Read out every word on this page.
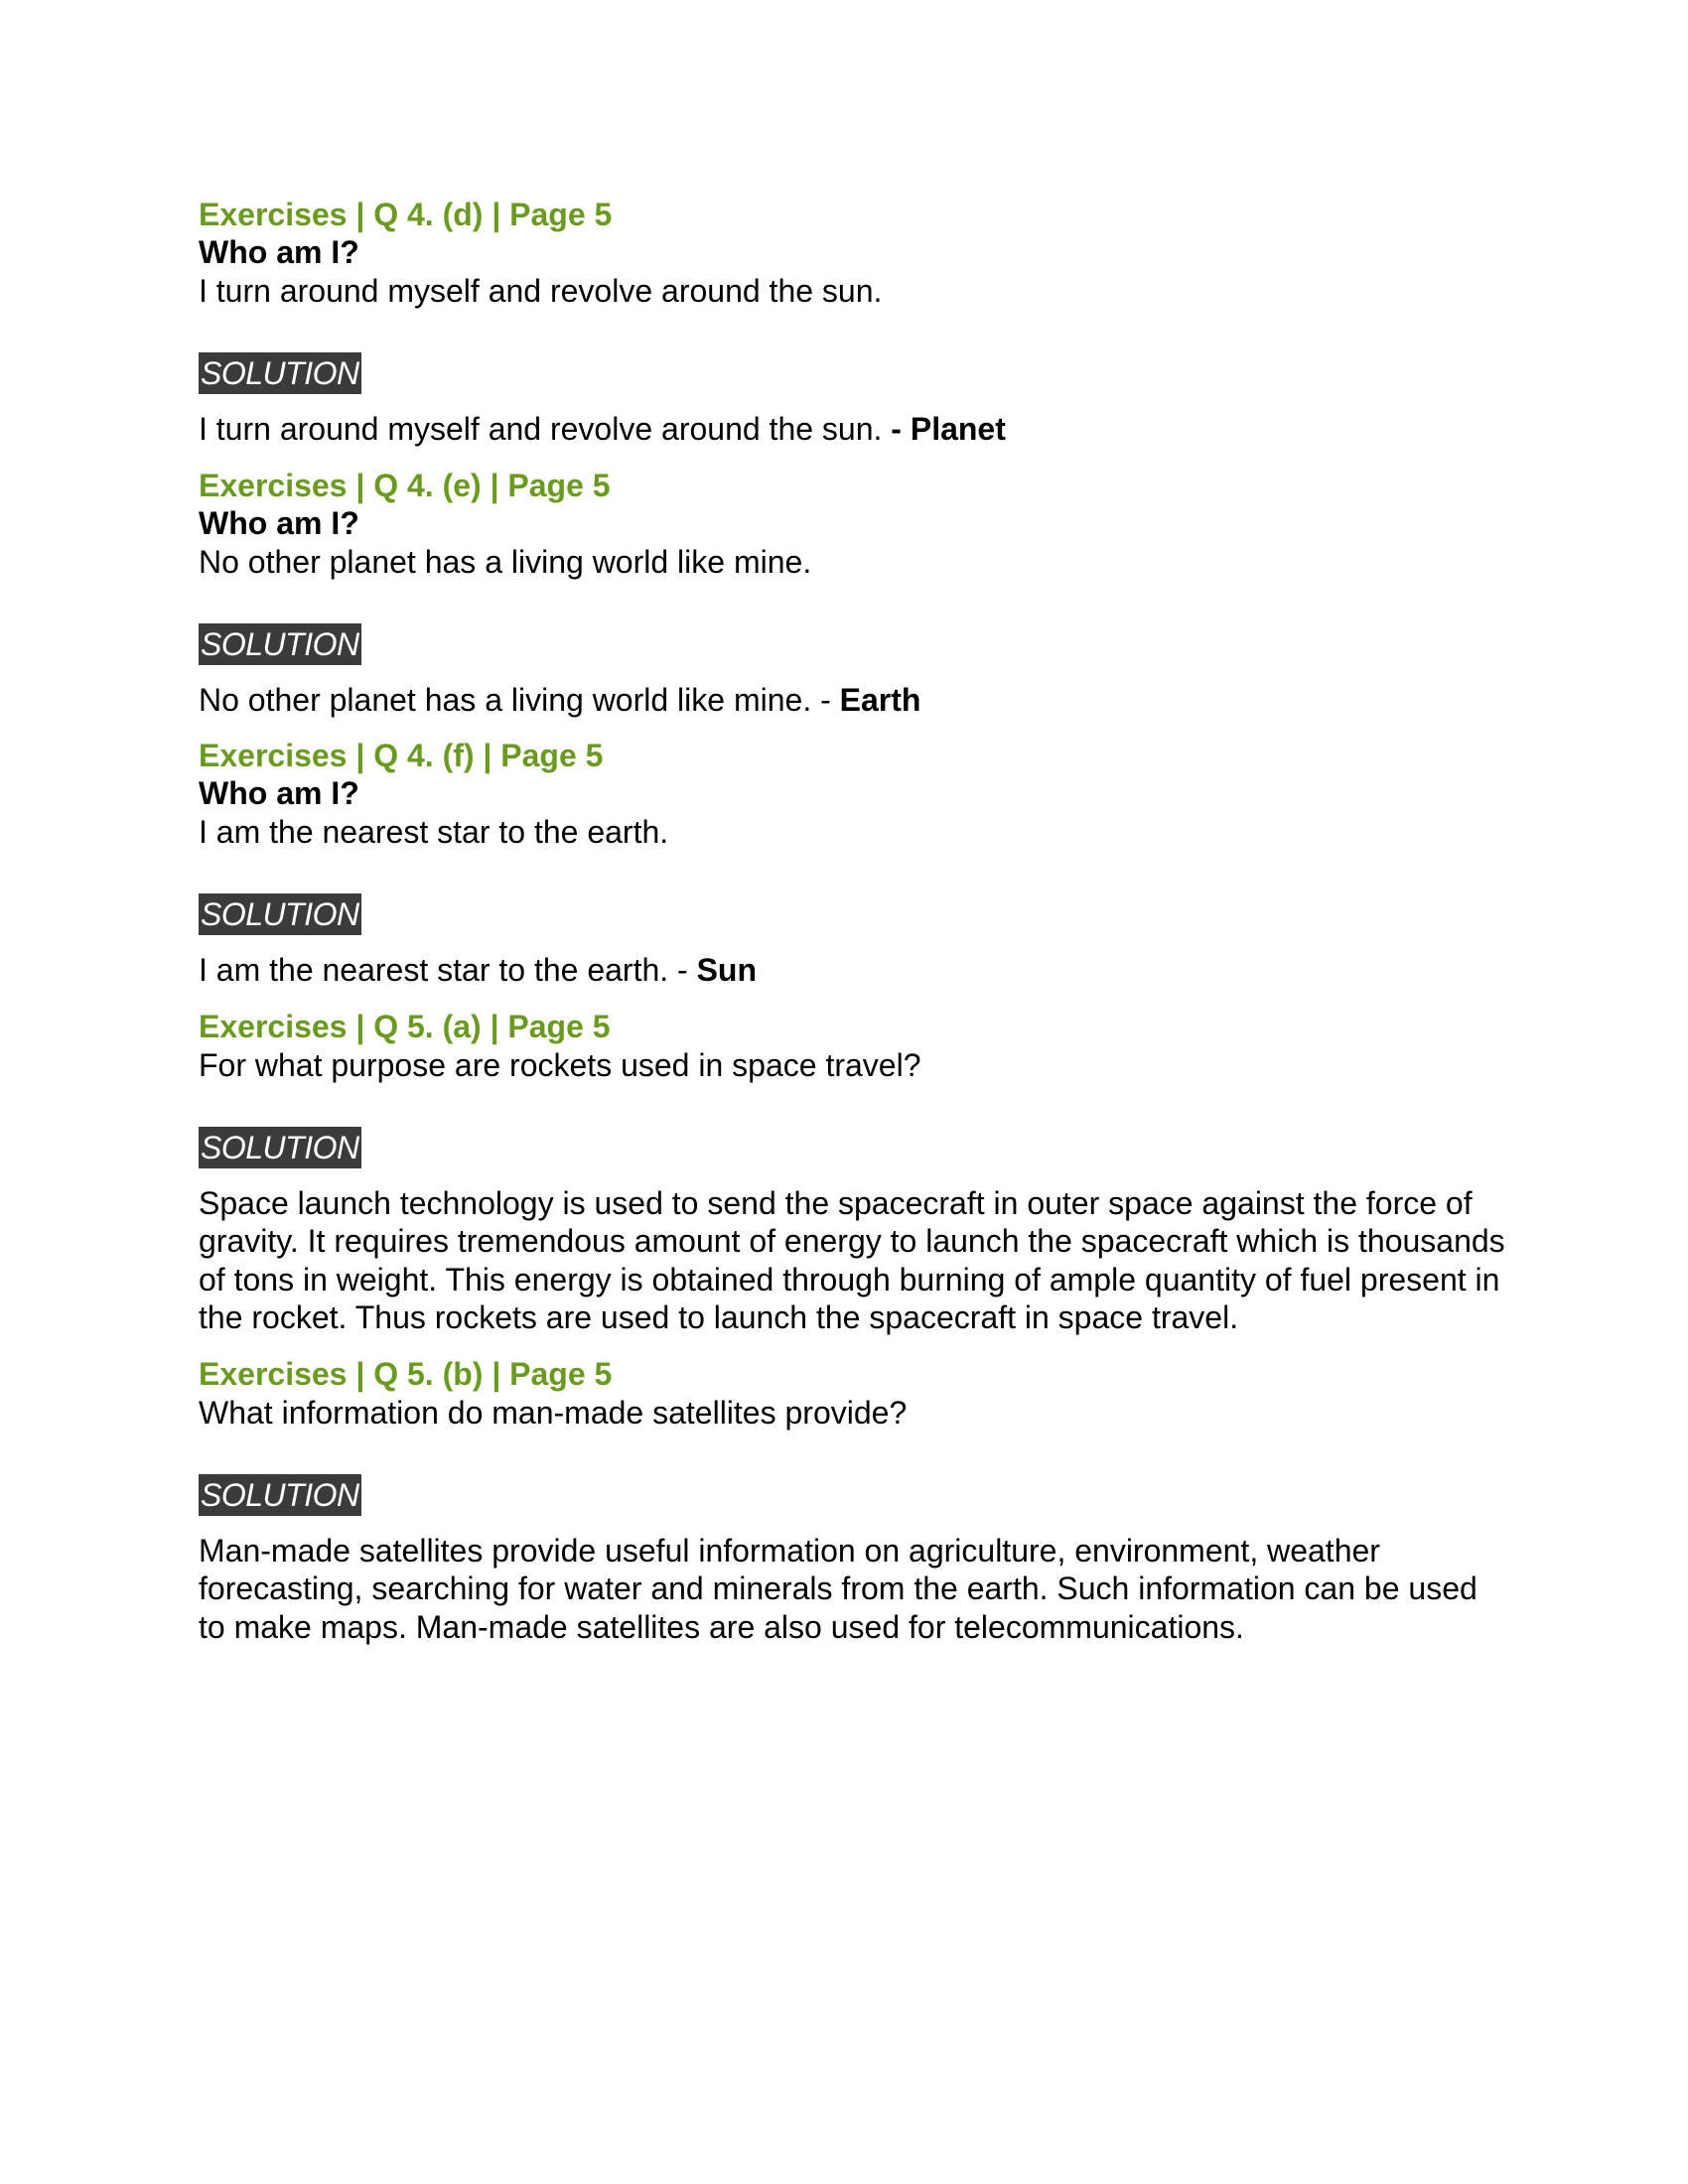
Exercises | Q 4. (d) | Page 5

Who am I?

I turn around myself and revolve around the sun.

SOLUTION

I turn around myself and revolve around the sun. - Planet

Exercises | Q 4. (e) | Page 5

Who am I?

No other planet has a living world like mine.

SOLUTION

No other planet has a living world like mine. - Earth

Exercises | Q 4. (f) | Page 5

Who am I?

I am the nearest star to the earth.

SOLUTION

I am the nearest star to the earth. - Sun

Exercises | Q 5. (a) | Page 5

For what purpose are rockets used in space travel?

SOLUTION

Space launch technology is used to send the spacecraft in outer space against the force of gravity. It requires tremendous amount of energy to launch the spacecraft which is thousands of tons in weight. This energy is obtained through burning of ample quantity of fuel present in the rocket. Thus rockets are used to launch the spacecraft in space travel.

Exercises | Q 5. (b) | Page 5

What information do man-made satellites provide?

SOLUTION

Man-made satellites provide useful information on agriculture, environment, weather forecasting, searching for water and minerals from the earth. Such information can be used to make maps. Man-made satellites are also used for telecommunications.
